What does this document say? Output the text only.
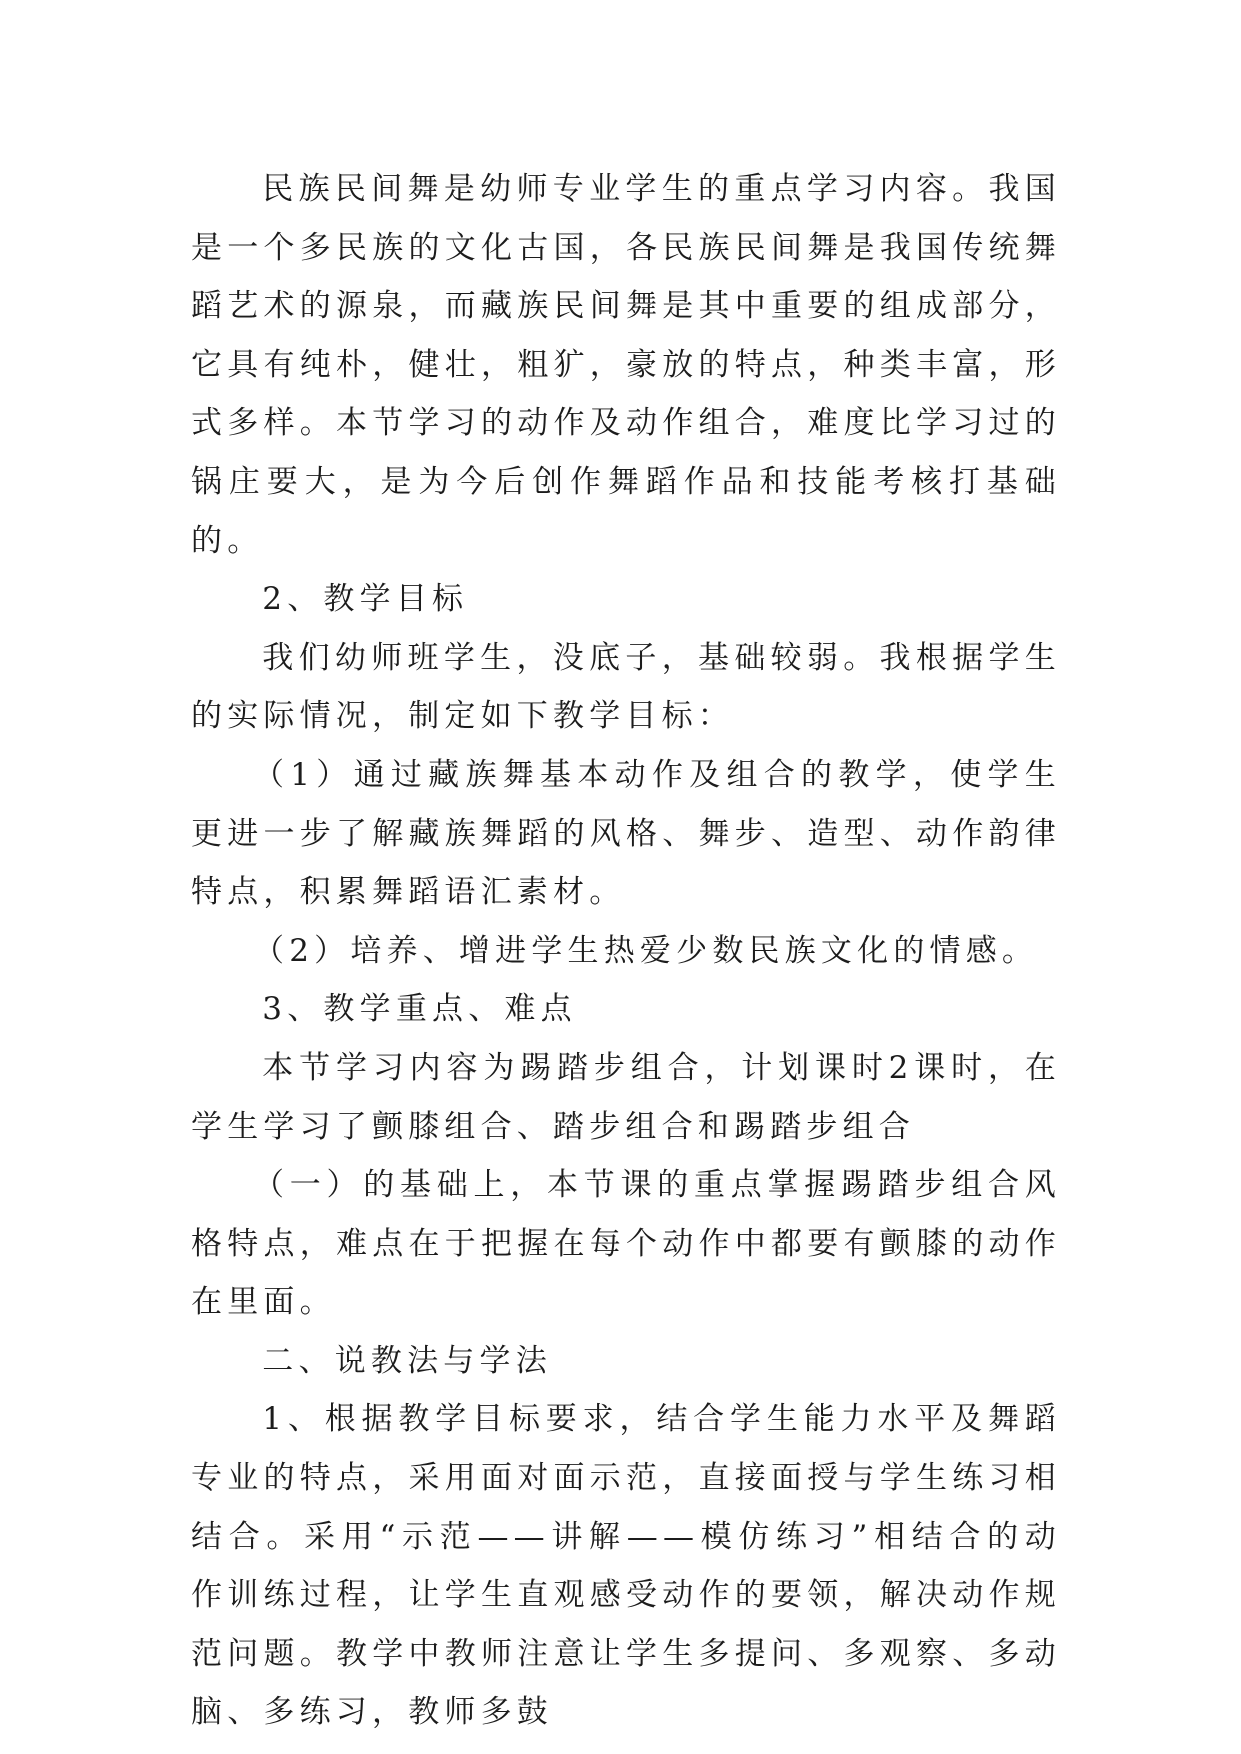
民族民间舞是幼师专业学生的重点学习内容。我国是一个多民族的文化古国，各民族民间舞是我国传统舞蹈艺术的源泉，而藏族民间舞是其中重要的组成部分，它具有纯朴，健壮，粗犷，豪放的特点，种类丰富，形式多样。本节学习的动作及动作组合，难度比学习过的锅庄要大，是为今后创作舞蹈作品和技能考核打基础的。

2、教学目标

我们幼师班学生，没底子，基础较弱。我根据学生的实际情况，制定如下教学目标：

（1）通过藏族舞基本动作及组合的教学，使学生更进一步了解藏族舞蹈的风格、舞步、造型、动作韵律特点，积累舞蹈语汇素材。

（2）培养、增进学生热爱少数民族文化的情感。

3、教学重点、难点

本节学习内容为踢踏步组合，计划课时2课时，在学生学习了颤膝组合、踏步组合和踢踏步组合

（一）的基础上，本节课的重点掌握踢踏步组合风格特点，难点在于把握在每个动作中都要有颤膝的动作在里面。

二、说教法与学法

1、根据教学目标要求，结合学生能力水平及舞蹈专业的特点，采用面对面示范，直接面授与学生练习相结合。采用“示范——讲解——模仿练习”相结合的动作训练过程，让学生直观感受动作的要领，解决动作规范问题。教学中教师注意让学生多提问、多观察、多动脑、多练习，教师多鼓
